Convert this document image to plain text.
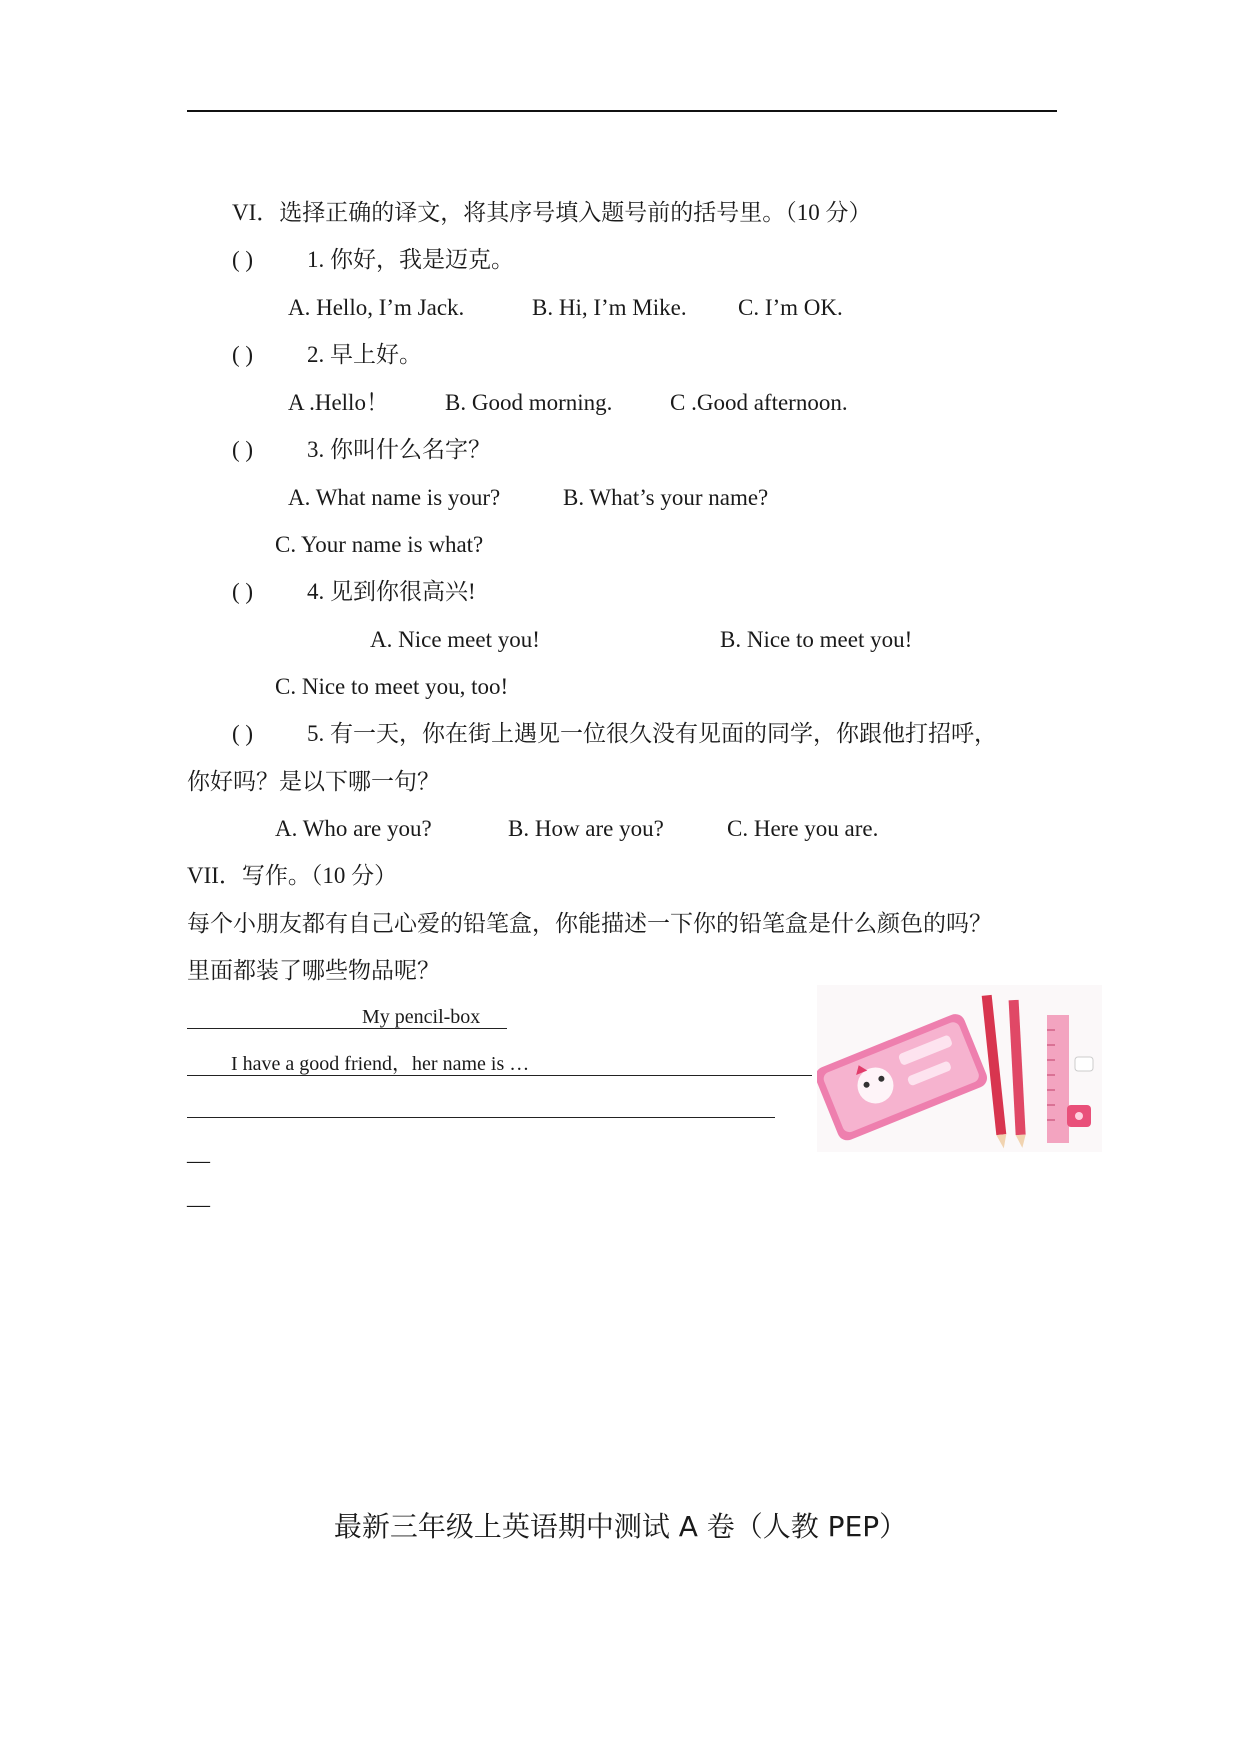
VI．选择正确的译文，将其序号填入题号前的括号里。（10 分）
( ) 1. 你好，我是迈克。
A. Hello, I’m Jack.	B. Hi, I’m Mike. C. I’m OK.
( ) 2. 早上好。
A .Hello！ B. Good morning.	C .Good afternoon.
( ) 3. 你叫什么名字？
A. What name is your?	B. What’s your name?
C. Your name is what?
( ) 4. 见到你很高兴!
A. Nice meet you!	B. Nice to meet you!
C. Nice to meet you, too!
( ) 5. 有一天，你在街上遇见一位很久没有见面的同学，你跟他打招呼，
你好吗？是以下哪一句？
A. Who are you?	B. How are you?	C. Here you are.
VII．写作。（10 分）
每个小朋友都有自己心爱的铅笔盒，你能描述一下你的铅笔盒是什么颜色的吗？
里面都装了哪些物品呢？
My pencil-box
I have a good friend，her name is …
—
—
最新三年级上英语期中测试 A 卷（人教 PEP）
